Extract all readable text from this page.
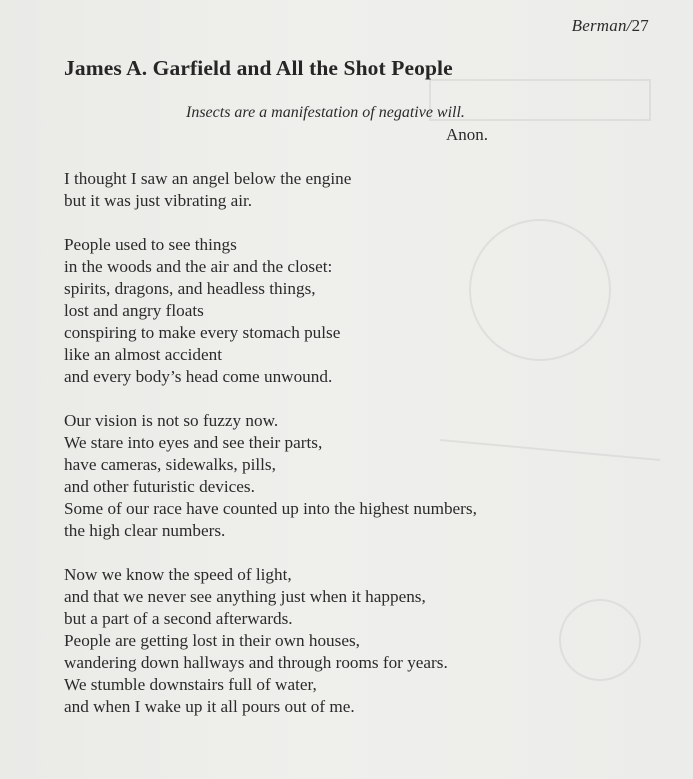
Berman/27
James A. Garfield and All the Shot People
Insects are a manifestation of negative will.
Anon.
I thought I saw an angel below the engine
but it was just vibrating air.
People used to see things
in the woods and the air and the closet:
spirits, dragons, and headless things,
lost and angry floats
conspiring to make every stomach pulse
like an almost accident
and every body’s head come unwound.
Our vision is not so fuzzy now.
We stare into eyes and see their parts,
have cameras, sidewalks, pills,
and other futuristic devices.
Some of our race have counted up into the highest numbers,
the high clear numbers.
Now we know the speed of light,
and that we never see anything just when it happens,
but a part of a second afterwards.
People are getting lost in their own houses,
wandering down hallways and through rooms for years.
We stumble downstairs full of water,
and when I wake up it all pours out of me.
